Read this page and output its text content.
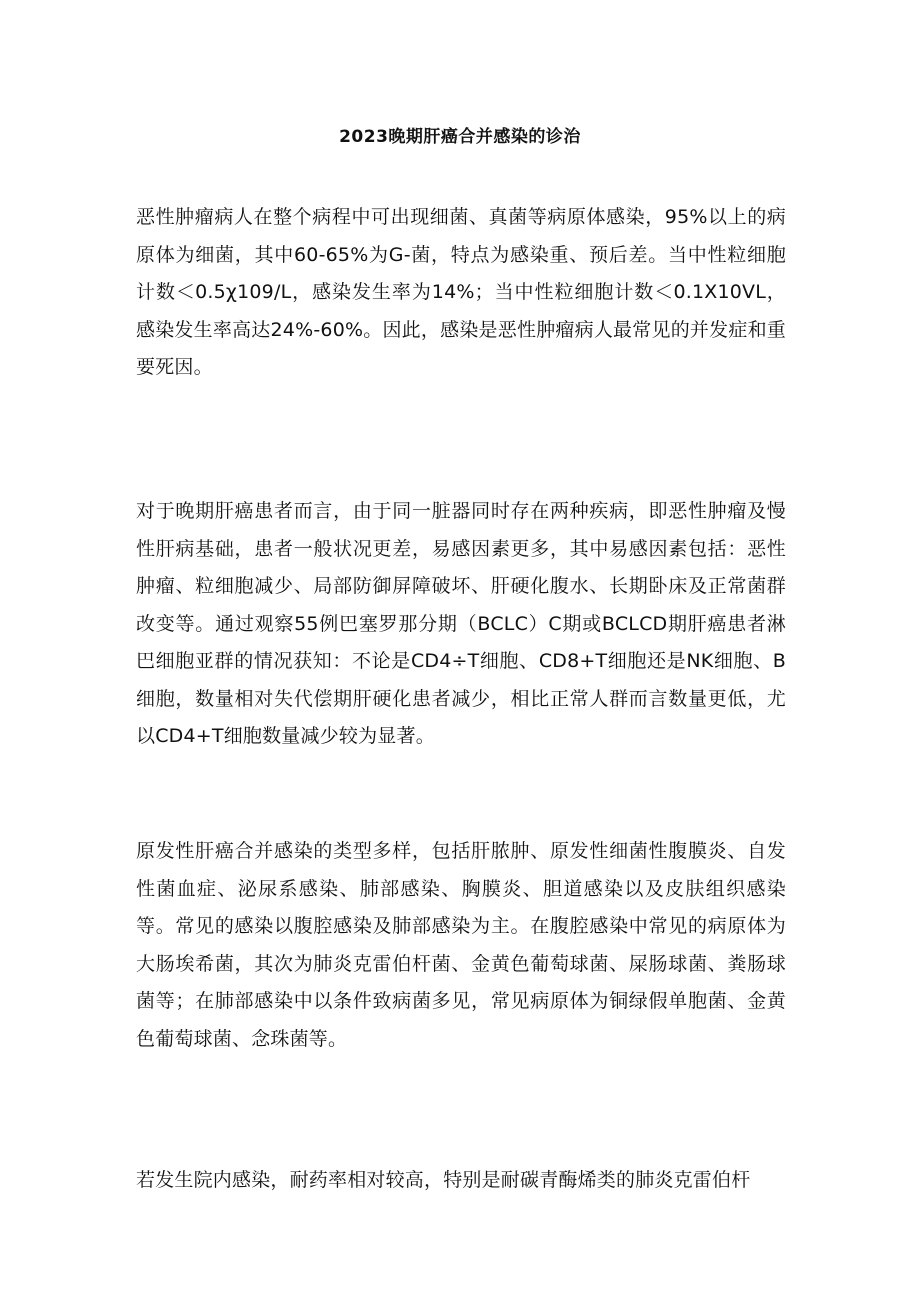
2023晚期肝癌合并感染的诊治

恶性肿瘤病人在整个病程中可出现细菌、真菌等病原体感染，95%以上的病原体为细菌，其中60-65%为G-菌，特点为感染重、预后差。当中性粒细胞计数＜0.5χ109/L，感染发生率为14%；当中性粒细胞计数＜0.1X10VL，感染发生率高达24%-60%。因此，感染是恶性肿瘤病人最常见的并发症和重要死因。

对于晚期肝癌患者而言，由于同一脏器同时存在两种疾病，即恶性肿瘤及慢性肝病基础，患者一般状况更差，易感因素更多，其中易感因素包括：恶性肿瘤、粒细胞减少、局部防御屏障破坏、肝硬化腹水、长期卧床及正常菌群改变等。通过观察55例巴塞罗那分期（BCLC）C期或BCLCD期肝癌患者淋巴细胞亚群的情况获知：不论是CD4÷T细胞、CD8+T细胞还是NK细胞、B细胞，数量相对失代偿期肝硬化患者减少，相比正常人群而言数量更低，尤以CD4+T细胞数量减少较为显著。

原发性肝癌合并感染的类型多样，包括肝脓肿、原发性细菌性腹膜炎、自发性菌血症、泌尿系感染、肺部感染、胸膜炎、胆道感染以及皮肤组织感染等。常见的感染以腹腔感染及肺部感染为主。在腹腔感染中常见的病原体为大肠埃希菌，其次为肺炎克雷伯杆菌、金黄色葡萄球菌、屎肠球菌、粪肠球菌等；在肺部感染中以条件致病菌多见，常见病原体为铜绿假单胞菌、金黄色葡萄球菌、念珠菌等。

若发生院内感染，耐药率相对较高，特别是耐碳青酶烯类的肺炎克雷伯杆
